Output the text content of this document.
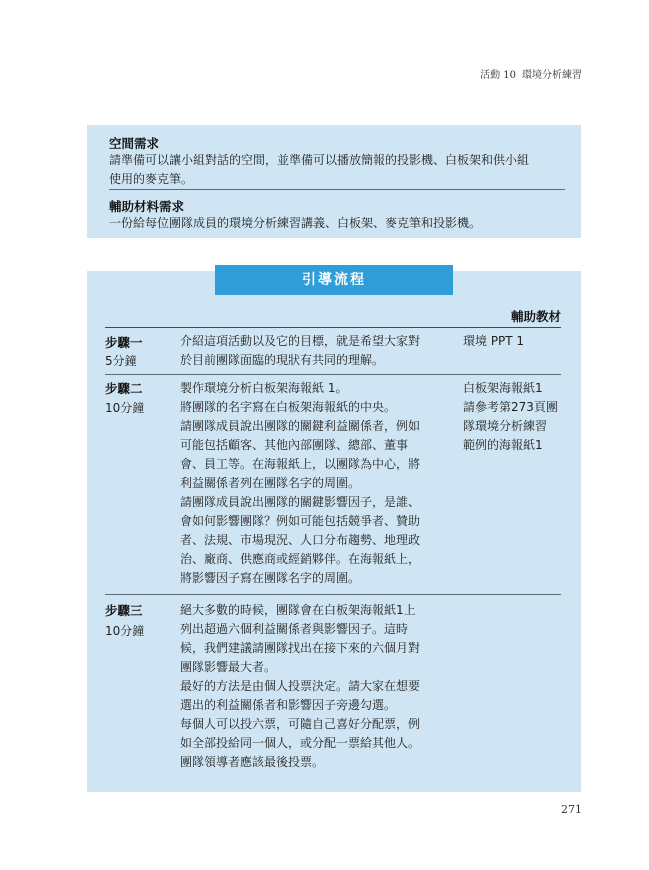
活動 10 環境分析練習
空間需求
請準備可以讓小組對話的空間，並準備可以播放簡報的投影機、白板架和供小組
使用的麥克筆。
輔助材料需求
一份給每位團隊成員的環境分析練習講義、白板架、麥克筆和投影機。
引導流程
輔助教材
步驟一
5分鐘
介紹這項活動以及它的目標，就是希望大家對
於目前團隊面臨的現狀有共同的理解。
環境 PPT 1
步驟二
10分鐘
製作環境分析白板架海報紙 1。
將團隊的名字寫在白板架海報紙的中央。
請團隊成員說出團隊的關鍵利益關係者，例如
可能包括顧客、其他內部團隊、總部、董事
會、員工等。在海報紙上，以團隊為中心，將
利益關係者列在團隊名字的周圍。
請團隊成員說出團隊的關鍵影響因子，是誰、
會如何影響團隊？例如可能包括競爭者、贊助
者、法規、市場現況、人口分布趨勢、地理政
治、廠商、供應商或經銷夥伴。在海報紙上，
將影響因子寫在團隊名字的周圍。
白板架海報紙1
請參考第273頁團
隊環境分析練習
範例的海報紙1
步驟三
10分鐘
絕大多數的時候，團隊會在白板架海報紙1上
列出超過六個利益關係者與影響因子。這時
候，我們建議請團隊找出在接下來的六個月對
團隊影響最大者。
最好的方法是由個人投票決定。請大家在想要
選出的利益關係者和影響因子旁邊勾選。
每個人可以投六票，可隨自己喜好分配票，例
如全部投給同一個人，或分配一票給其他人。
團隊領導者應該最後投票。
271
